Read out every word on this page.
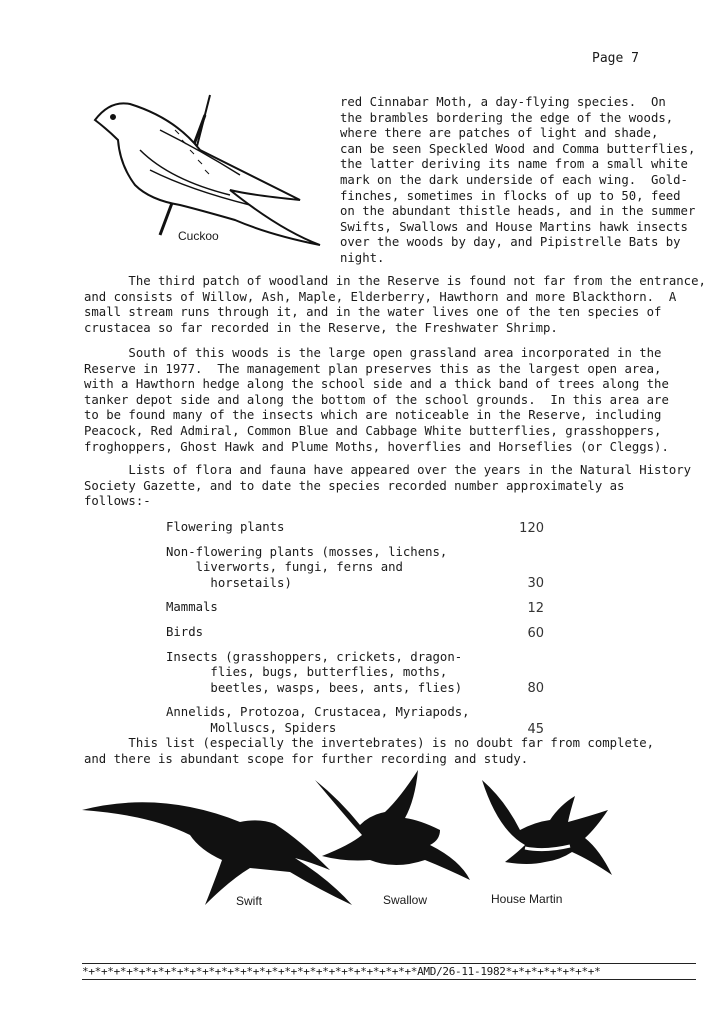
Page 7
Cuckoo
red Cinnabar Moth, a day-flying species.  On
the brambles bordering the edge of the woods,
where there are patches of light and shade,
can be seen Speckled Wood and Comma butterflies,
the latter deriving its name from a small white
mark on the dark underside of each wing.  Gold-
finches, sometimes in flocks of up to 50, feed
on the abundant thistle heads, and in the summer
Swifts, Swallows and House Martins hawk insects
over the woods by day, and Pipistrelle Bats by
night.
The third patch of woodland in the Reserve is found not far from the entrance,
and consists of Willow, Ash, Maple, Elderberry, Hawthorn and more Blackthorn.  A
small stream runs through it, and in the water lives one of the ten species of
crustacea so far recorded in the Reserve, the Freshwater Shrimp.
South of this woods is the large open grassland area incorporated in the
Reserve in 1977.  The management plan preserves this as the largest open area,
with a Hawthorn hedge along the school side and a thick band of trees along the
tanker depot side and along the bottom of the school grounds.  In this area are
to be found many of the insects which are noticeable in the Reserve, including
Peacock, Red Admiral, Common Blue and Cabbage White butterflies, grasshoppers,
froghoppers, Ghost Hawk and Plume Moths, hoverflies and Horseflies (or Cleggs).
Lists of flora and fauna have appeared over the years in the Natural History
Society Gazette, and to date the species recorded number approximately as
follows:-
Flowering plants	120
Non-flowering plants (mosses, lichens,
liverworts, fungi, ferns and
horsetails)	30
Mammals	12
Birds	60
Insects (grasshoppers, crickets, dragon-
flies, bugs, butterflies, moths,
beetles, wasps, bees, ants, flies)	80
Annelids, Protozoa, Crustacea, Myriapods,
Molluscs, Spiders	45
This list (especially the invertebrates) is no doubt far from complete,
and there is abundant scope for further recording and study.
Swift	Swallow	House Martin
*+*+*+*+*+*+*+*+*+*+*+*+*+*+*+*+*+*+*+*+*+*+*+*+*+*+*AMD/26-11-1982*+*+*+*+*+*+*+*
